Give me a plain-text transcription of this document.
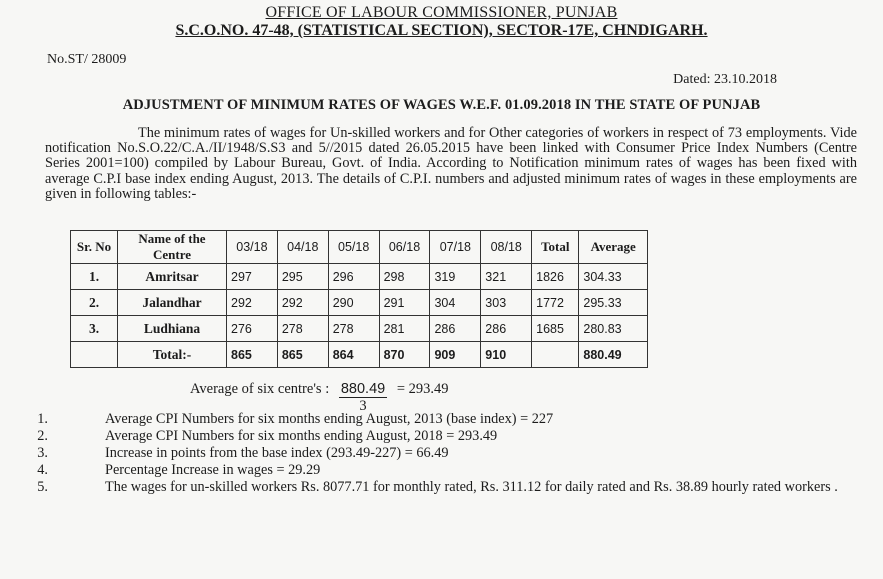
OFFICE OF LABOUR COMMISSIONER, PUNJAB
S.C.O.NO. 47-48, (STATISTICAL SECTION), SECTOR-17E, CHNDIGARH.
No.ST/ 28009
Dated: 23.10.2018
ADJUSTMENT OF MINIMUM RATES OF WAGES W.E.F. 01.09.2018 IN THE STATE OF PUNJAB
The minimum rates of wages for Un-skilled workers and for Other categories of workers in respect of 73 employments. Vide notification No.S.O.22/C.A./II/1948/S.S3 and 5//2015 dated 26.05.2015 have been linked with Consumer Price Index Numbers (Centre Series 2001=100) compiled by Labour Bureau, Govt. of India. According to Notification minimum rates of wages has been fixed with average C.P.I base index ending August, 2013. The details of C.P.I. numbers and adjusted minimum rates of wages in these employments are given in following tables:-
Sr. No	Name of the Centre	03/18	04/18	05/18	06/18	07/18	08/18	Total	Average
1.	Amritsar	297	295	296	298	319	321	1826	304.33
2.	Jalandhar	292	292	290	291	304	303	1772	295.33
3.	Ludhiana	276	278	278	281	286	286	1685	280.83
	Total:-	865	865	864	870	909	910		880.49
Average of six centre's : $\frac{880.49}{3} = 293.49$
1.	Average CPI Numbers for six months ending August, 2013 (base index) = 227
2.	Average CPI Numbers for six months ending August, 2018 = 293.49
3.	Increase in points from the base index (293.49-227) = 66.49
4.	Percentage Increase in wages = 29.29
5.	The wages for un-skilled workers Rs. 8077.71 for monthly rated, Rs. 311.12 for daily rated and Rs. 38.89 hourly rated workers .
